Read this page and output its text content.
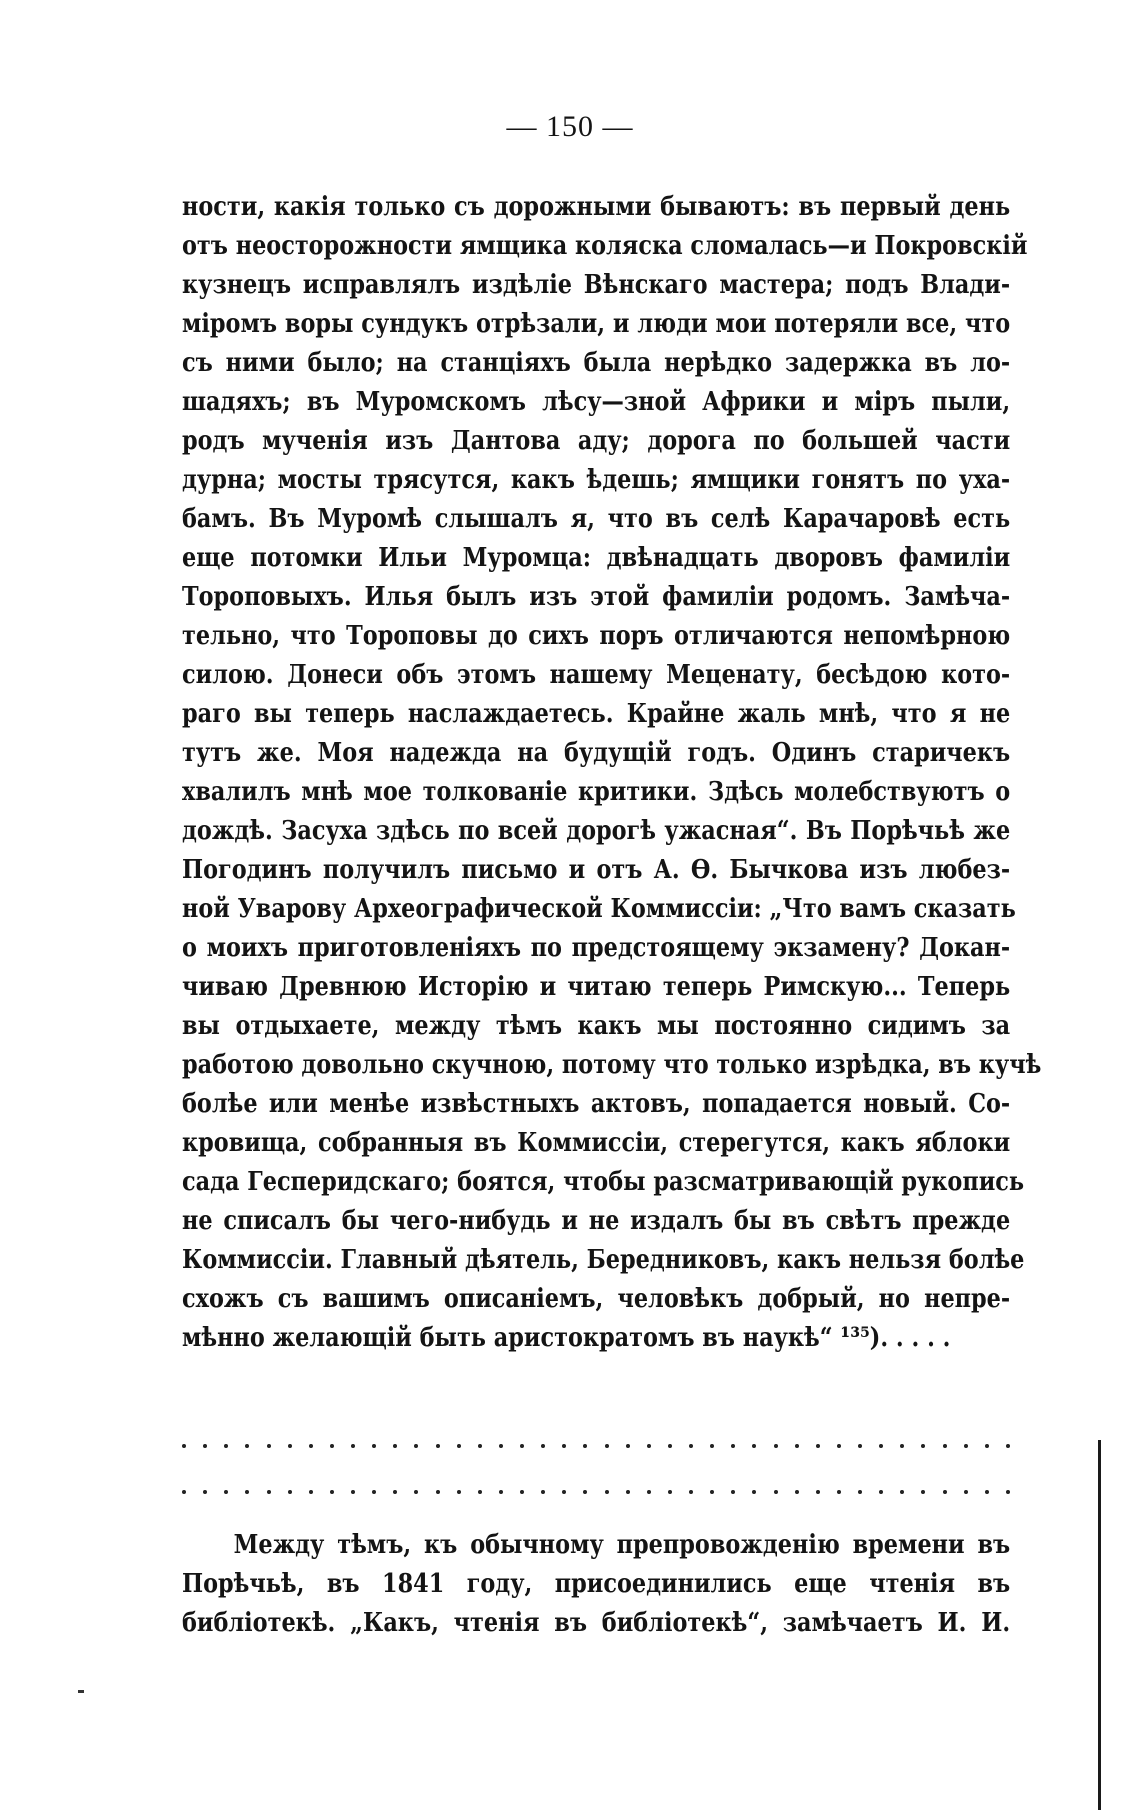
— 150 —
ности, какія только съ дорожными бываютъ: въ первый день
отъ неосторожности ямщика коляска сломалась—и Покровскій
кузнецъ исправлялъ издѣліе Вѣнскаго мастера; подъ Влади-
міромъ воры сундукъ отрѣзали, и люди мои потеряли все, что
съ ними было; на станціяхъ была нерѣдко задержка въ ло-
шадяхъ; въ Муромскомъ лѣсу—зной Африки и міръ пыли,
родъ мученія изъ Дантова аду; дорога по большей части
дурна; мосты трясутся, какъ ѣдешь; ямщики гонятъ по уха-
бамъ. Въ Муромѣ слышалъ я, что въ селѣ Карачаровѣ есть
еще потомки Ильи Муромца: двѣнадцать дворовъ фамиліи
Тороповыхъ. Илья былъ изъ этой фамиліи родомъ. Замѣча-
тельно, что Тороповы до сихъ поръ отличаются непомѣрною
силою. Донеси объ этомъ нашему Меценату, бесѣдою кото-
раго вы теперь наслаждаетесь. Крайне жаль мнѣ, что я не
тутъ же. Моя надежда на будущій годъ. Одинъ старичекъ
хвалилъ мнѣ мое толкованіе критики. Здѣсь молебствуютъ о
дождѣ. Засуха здѣсь по всей дорогѣ ужасная“. Въ Порѣчьѣ же
Погодинъ получилъ письмо и отъ А. Ѳ. Бычкова изъ любез-
ной Уварову Археографической Коммиссіи: „Что вамъ сказать
о моихъ приготовленіяхъ по предстоящему экзамену? Докан-
чиваю Древнюю Исторію и читаю теперь Римскую... Теперь
вы отдыхаете, между тѣмъ какъ мы постоянно сидимъ за
работою довольно скучною, потому что только изрѣдка, въ кучѣ
болѣе или менѣе извѣстныхъ актовъ, попадается новый. Со-
кровища, собранныя въ Коммиссіи, стерегутся, какъ яблоки
сада Гесперидскаго; боятся, чтобы разсматривающій рукопись
не списалъ бы чего-нибудь и не издалъ бы въ свѣтъ прежде
Коммиссіи. Главный дѣятель, Бередниковъ, какъ нельзя болѣе
схожъ съ вашимъ описаніемъ, человѣкъ добрый, но непре-
мѣнно желающій быть аристократомъ въ наукѣ“ ¹³⁵). . . . .
Между тѣмъ, къ обычному препровожденію времени въ
Порѣчьѣ, въ 1841 году, присоединились еще чтенія въ
библіотекѣ. „Какъ, чтенія въ библіотекѣ“, замѣчаетъ И. И.
